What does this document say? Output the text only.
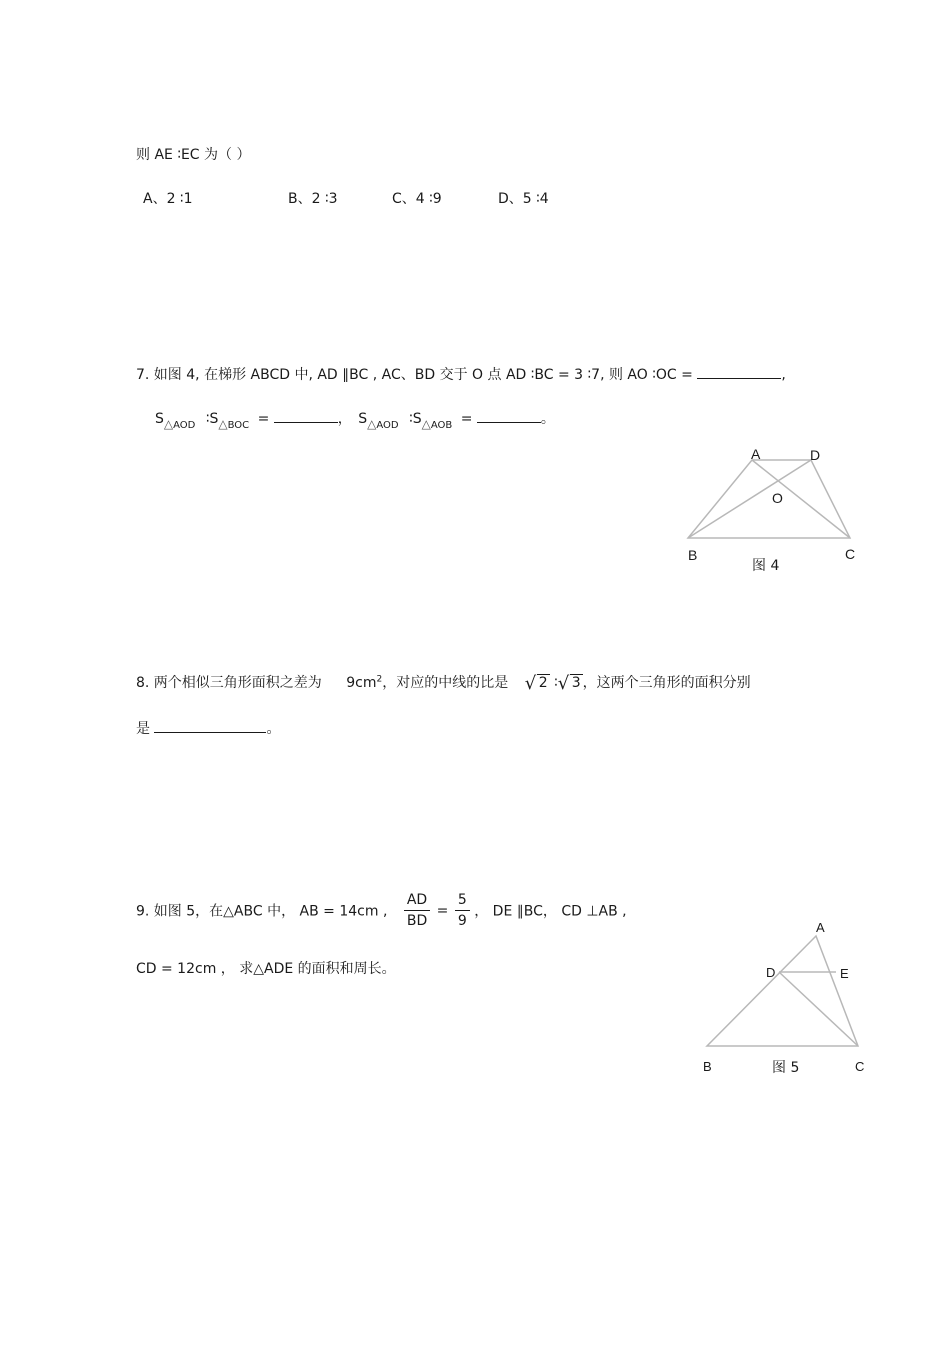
则 AE ∶EC 为（ ）
A、2 ∶1	B、2 ∶3	C、4 ∶9	D、5 ∶4
7. 如图 4, 在梯形 ABCD 中, AD ∥BC , AC、BD 交于 O 点 AD ∶BC = 3 ∶7, 则 AO ∶OC =	,
$S\triangle_{AOD}$ $∶S\triangle_{BOC}$ =	， $S\triangle_{AOD}$ $∶S\triangle_{AOB}$ =	。
A	D
O
B	C
图 4
8. 两个相似三角形面积之差为 $9cm^2$，对应的中线的比是 √ 2 ∶ √ 3 ，这两个三角形的面积分别
是	。
9. 如图 5，在△ABC 中， AB = 14cm , $\frac{AD}{BD} = \frac{5}{9}$ ， DE ∥BC， CD ⊥AB ,
CD = 12cm ， 求△ADE 的面积和周长。
A
D	E
B	C
图 5
